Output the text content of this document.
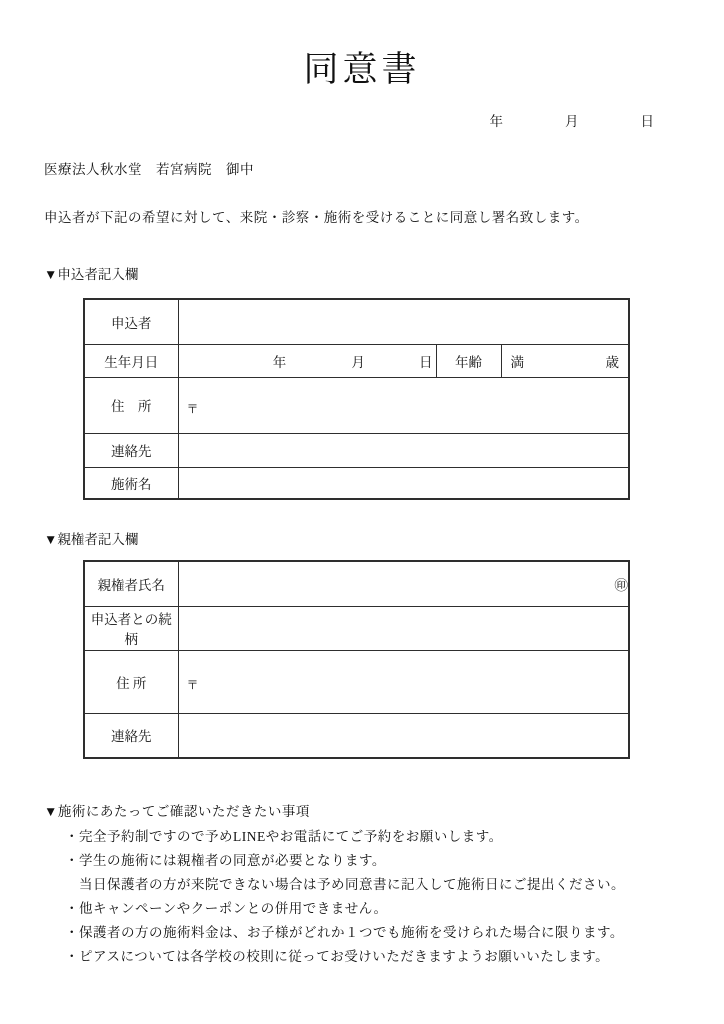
同意書
年	月	日
医療法人秋水堂　若宮病院　御中
申込者が下記の希望に対して、来院・診察・施術を受けることに同意し署名致します。
▼申込者記入欄
申込者			
生年月日	年 月 日	年齢	満 歳

住　所	〒		
連絡先			
施術名			
▼親権者記入欄
親権者氏名	㊞
申込者との続柄	
住 所	〒
連絡先	
▼施術にあたってご確認いただきたい事項
・完全予約制ですので予めLINEやお電話にてご予約をお願いします。
・学生の施術には親権者の同意が必要となります。
当日保護者の方が来院できない場合は予め同意書に記入して施術日にご提出ください。
・他キャンペーンやクーポンとの併用できません。
・保護者の方の施術料金は、お子様がどれか１つでも施術を受けられた場合に限ります。
・ピアスについては各学校の校則に従ってお受けいただきますようお願いいたします。
